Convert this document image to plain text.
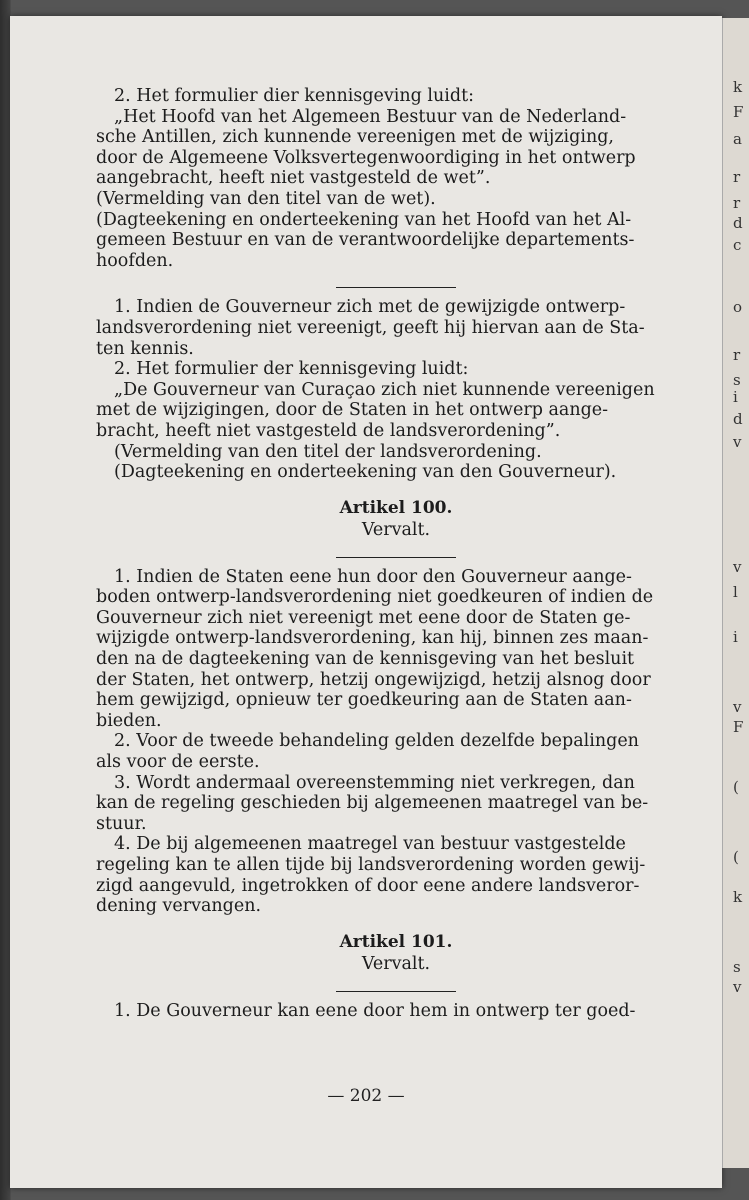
2. Het formulier dier kennisgeving luidt:
„Het Hoofd van het Algemeen Bestuur van de Nederland-
sche Antillen, zich kunnende vereenigen met de wijziging,
door de Algemeene Volksvertegenwoordiging in het ontwerp
aangebracht, heeft niet vastgesteld de wet”.
(Vermelding van den titel van de wet).
(Dagteekening en onderteekening van het Hoofd van het Al-
gemeen Bestuur en van de verantwoordelijke departements-
hoofden.
1. Indien de Gouverneur zich met de gewijzigde ontwerp-
landsverordening niet vereenigt, geeft hij hiervan aan de Sta-
ten kennis.
2. Het formulier der kennisgeving luidt:
„De Gouverneur van Curaçao zich niet kunnende vereenigen
met de wijzigingen, door de Staten in het ontwerp aange-
bracht, heeft niet vastgesteld de landsverordening”.
(Vermelding van den titel der landsverordening.
(Dagteekening en onderteekening van den Gouverneur).
Artikel 100.
Vervalt.
1. Indien de Staten eene hun door den Gouverneur aange-
boden ontwerp-landsverordening niet goedkeuren of indien de
Gouverneur zich niet vereenigt met eene door de Staten ge-
wijzigde ontwerp-landsverordening, kan hij, binnen zes maan-
den na de dagteekening van de kennisgeving van het besluit
der Staten, het ontwerp, hetzij ongewijzigd, hetzij alsnog door
hem gewijzigd, opnieuw ter goedkeuring aan de Staten aan-
bieden.
2. Voor de tweede behandeling gelden dezelfde bepalingen
als voor de eerste.
3. Wordt andermaal overeenstemming niet verkregen, dan
kan de regeling geschieden bij algemeenen maatregel van be-
stuur.
4. De bij algemeenen maatregel van bestuur vastgestelde
regeling kan te allen tijde bij landsverordening worden gewij-
zigd aangevuld, ingetrokken of door eene andere landsveror-
dening vervangen.
Artikel 101.
Vervalt.
1. De Gouverneur kan eene door hem in ontwerp ter goed-
— 202 —
k
F
a
r
r
d
c
o
r
s
i
d
v
v
l
i
v
F
(
(
k
s
v
